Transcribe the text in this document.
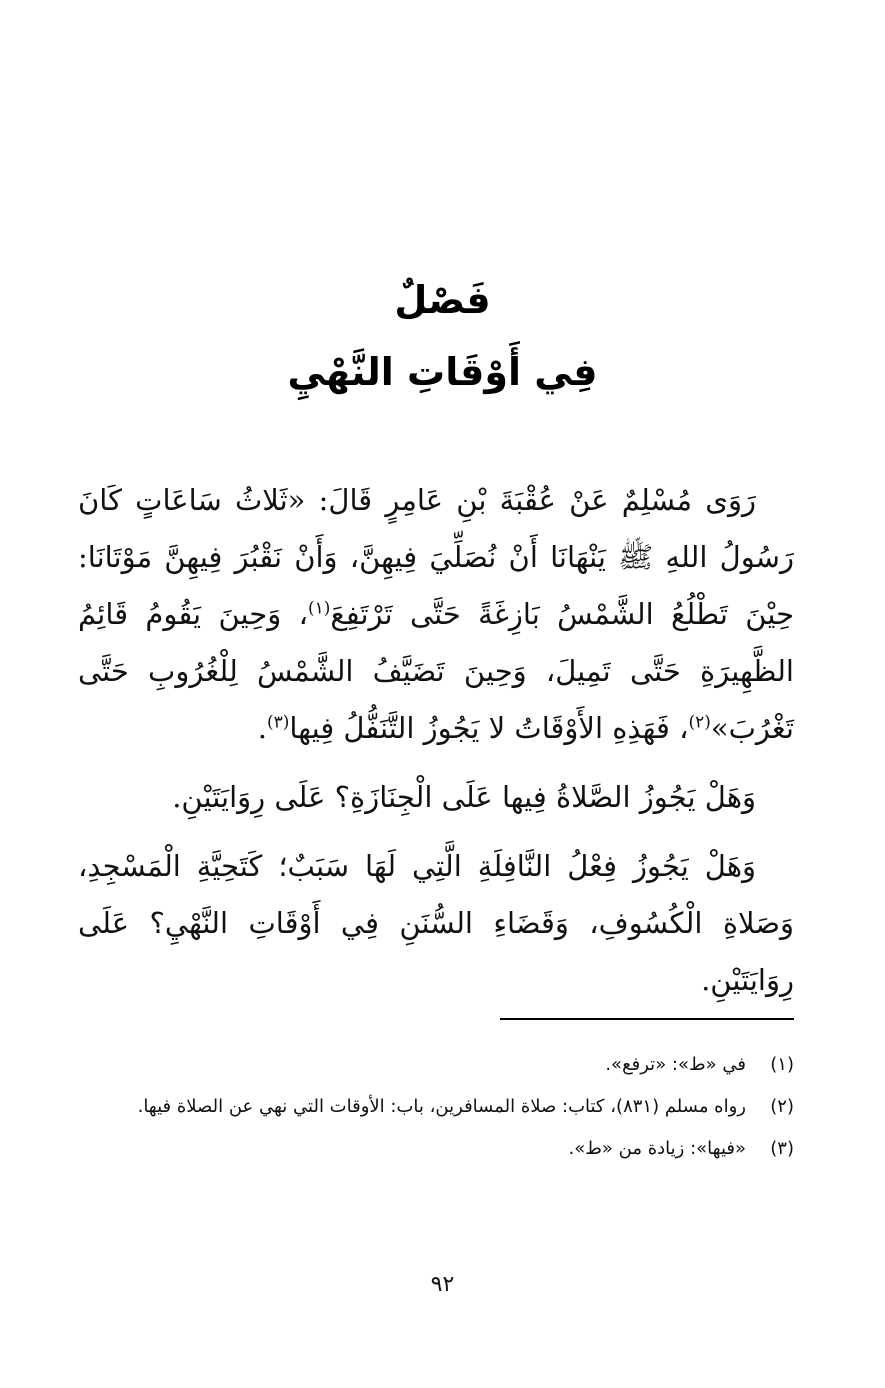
فَصْلٌ
فِي أَوْقَاتِ النَّهْيِ

رَوَى مُسْلِمٌ عَنْ عُقْبَةَ بْنِ عَامِرٍ قَالَ: «ثَلاثُ سَاعَاتٍ كَانَ رَسُولُ اللهِ ﷺ يَنْهَانَا أَنْ نُصَلِّيَ فِيهِنَّ، وَأَنْ نَقْبُرَ فِيهِنَّ مَوْتَانَا: حِيْنَ تَطْلُعُ الشَّمْسُ بَازِغَةً حَتَّى تَرْتَفِعَ$^{(١)}$، وَحِينَ يَقُومُ قَائِمُ الظَّهِيرَةِ حَتَّى تَمِيلَ، وَحِينَ تَضَيَّفُ الشَّمْسُ لِلْغُرُوبِ حَتَّى تَغْرُبَ»$^{(٢)}$، فَهَذِهِ الأَوْقَاتُ لا يَجُوزُ التَّنَفُّلُ فِيها$^{(٣)}$.

وَهَلْ يَجُوزُ الصَّلاةُ فِيها عَلَى الْجِنَازَةِ؟ عَلَى رِوَايَتَيْنِ.

وَهَلْ يَجُوزُ فِعْلُ النَّافِلَةِ الَّتِي لَهَا سَبَبٌ؛ كَتَحِيَّةِ الْمَسْجِدِ، وَصَلاةِ الْكُسُوفِ، وَقَضَاءِ السُّنَنِ فِي أَوْقَاتِ النَّهْيِ؟ عَلَى رِوَايَتَيْنِ.

(١)
في «ط»: «ترفع».
(٢)
رواه مسلم (٨٣١)، كتاب: صلاة المسافرين، باب: الأوقات التي نهي عن الصلاة فيها.
(٣)
«فيها»: زيادة من «ط».
٩٢
